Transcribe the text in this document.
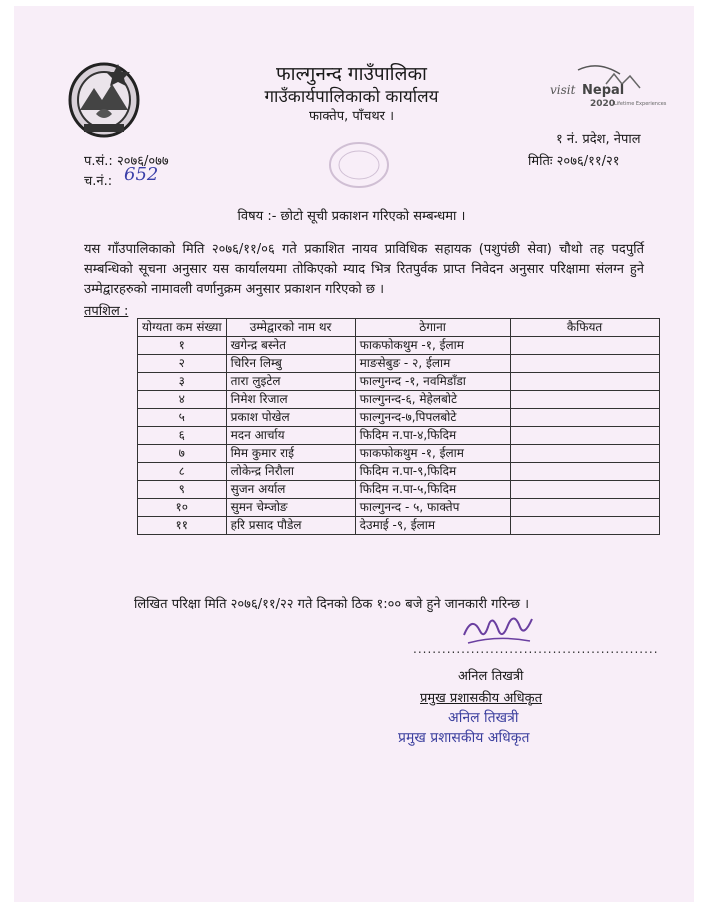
visit Nepal
2020
Lifetime Experiences
फाल्गुनन्द गाउँपालिका
गाउँकार्यपालिकाको कार्यालय
फाक्तेप, पाँचथर ।
१ नं. प्रदेश, नेपाल
प.सं.: २०७६/०७७
च.नं.: 652
मितिः २०७६/११/२१
विषय :- छोटो सूची प्रकाशन गरिएको सम्बन्धमा ।
यस गाँउपालिकाको मिति २०७६/११/०६ गते प्रकाशित नायव प्राविधिक सहायक (पशुपंछी सेवा) चौथो तह पदपुर्ति सम्बन्धिको सूचना अनुसार यस कार्यालयमा तोकिएको म्याद भित्र रितपुर्वक प्राप्त निवेदन अनुसार परिक्षामा संलग्न हुने उम्मेद्वारहरुको नामावली वर्णानुक्रम अनुसार प्रकाशन गरिएको छ ।
तपशिल :
योग्यता कम संख्या	उम्मेद्वारको नाम थर	ठेगाना	कैफियत
१	खगेन्द्र बस्नेत	फाकफोकथुम -१, ईलाम	
२	चिरिन लिम्बु	माङसेबुङ - २, ईलाम	
३	तारा लुइटेल	फाल्गुनन्द -१, नवमिडाँडा	
४	निमेश रिजाल	फाल्गुनन्द-६, मेहेलबोटे	
५	प्रकाश पोखेल	फाल्गुनन्द-७,पिपलबोटे	
६	मदन आर्चाय	फिदिम न.पा-४,फिदिम	
७	मिम कुमार राई	फाकफोकथुम -१, ईलाम	
८	लोकेन्द्र निरौला	फिदिम न.पा-९,फिदिम	
९	सुजन अर्याल	फिदिम न.पा-५,फिदिम	
१०	सुमन चेम्जोङ	फाल्गुनन्द - ५, फाक्तेप	
११	हरि प्रसाद पौडेल	देउमाई -९, ईलाम	
लिखित परिक्षा मिति २०७६/११/२२ गते दिनको ठिक १:०० बजे हुने जानकारी गरिन्छ ।
...................................................
अनिल तिखत्री
प्रमुख प्रशासकीय अधिकृत
अनिल तिखत्री
प्रमुख प्रशासकीय अधिकृत
